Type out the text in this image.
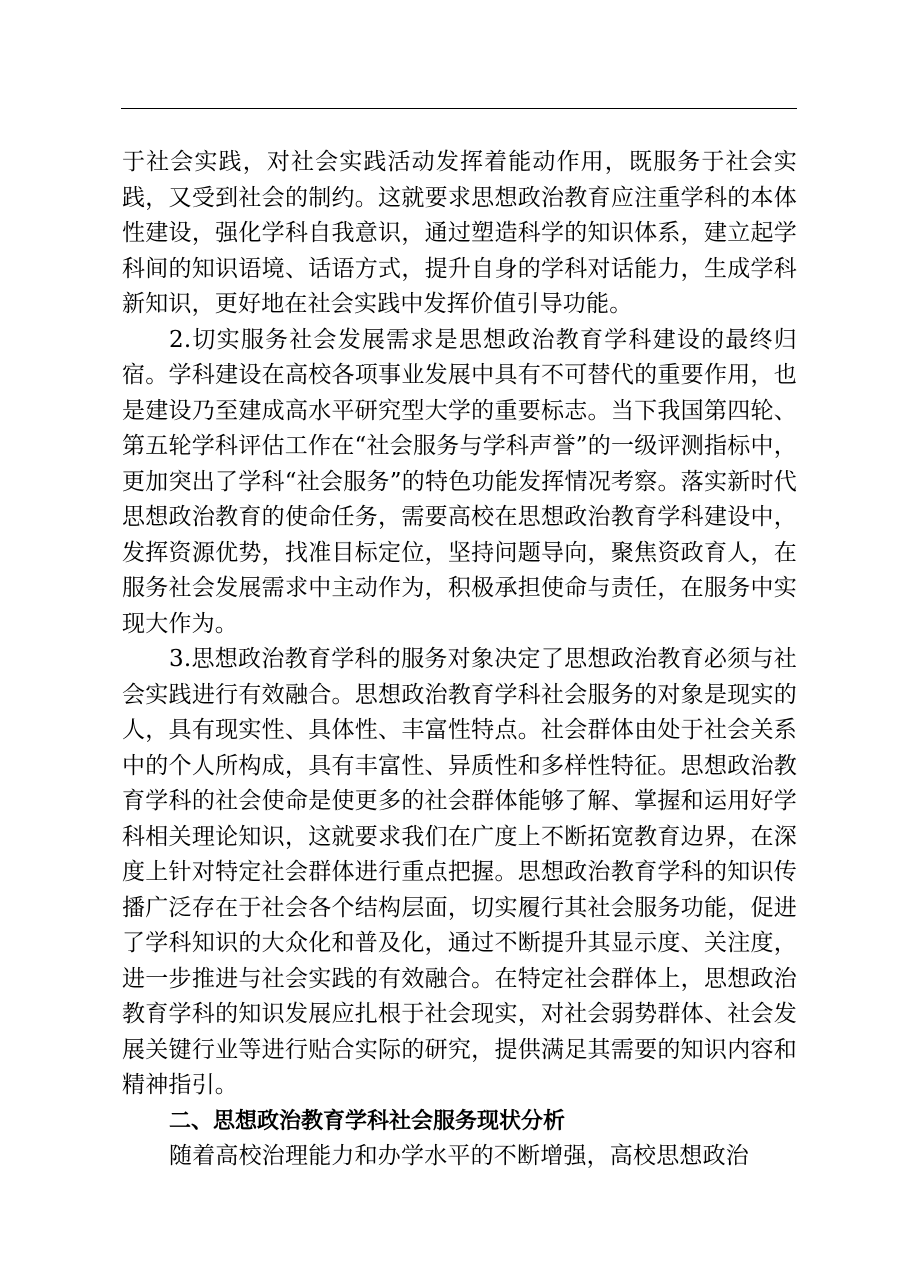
于社会实践，对社会实践活动发挥着能动作用，既服务于社会实践，又受到社会的制约。这就要求思想政治教育应注重学科的本体性建设，强化学科自我意识，通过塑造科学的知识体系，建立起学科间的知识语境、话语方式，提升自身的学科对话能力，生成学科新知识，更好地在社会实践中发挥价值引导功能。

2.切实服务社会发展需求是思想政治教育学科建设的最终归宿。学科建设在高校各项事业发展中具有不可替代的重要作用，也是建设乃至建成高水平研究型大学的重要标志。当下我国第四轮、第五轮学科评估工作在“社会服务与学科声誉”的一级评测指标中，更加突出了学科“社会服务”的特色功能发挥情况考察。落实新时代思想政治教育的使命任务，需要高校在思想政治教育学科建设中，发挥资源优势，找准目标定位，坚持问题导向，聚焦资政育人，在服务社会发展需求中主动作为，积极承担使命与责任，在服务中实现大作为。

3.思想政治教育学科的服务对象决定了思想政治教育必须与社会实践进行有效融合。思想政治教育学科社会服务的对象是现实的人，具有现实性、具体性、丰富性特点。社会群体由处于社会关系中的个人所构成，具有丰富性、异质性和多样性特征。思想政治教育学科的社会使命是使更多的社会群体能够了解、掌握和运用好学科相关理论知识，这就要求我们在广度上不断拓宽教育边界，在深度上针对特定社会群体进行重点把握。思想政治教育学科的知识传播广泛存在于社会各个结构层面，切实履行其社会服务功能，促进了学科知识的大众化和普及化，通过不断提升其显示度、关注度，进一步推进与社会实践的有效融合。在特定社会群体上，思想政治教育学科的知识发展应扎根于社会现实，对社会弱势群体、社会发展关键行业等进行贴合实际的研究，提供满足其需要的知识内容和精神指引。

二、思想政治教育学科社会服务现状分析

随着高校治理能力和办学水平的不断增强，高校思想政治
